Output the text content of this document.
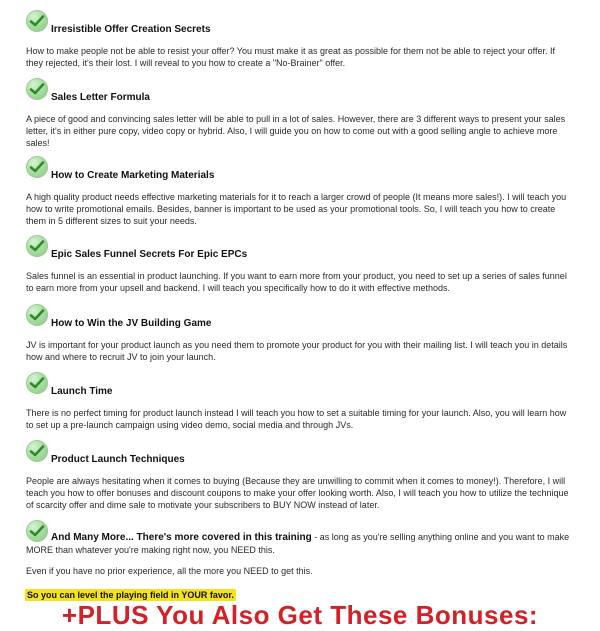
Irresistible Offer Creation Secrets

How to make people not be able to resist your offer? You must make it as great as possible for them not be able to reject your offer. If they rejected, it's their lost. I will reveal to you how to create a "No-Brainer" offer.

Sales Letter Formula

A piece of good and convincing sales letter will be able to pull in a lot of sales. However, there are 3 different ways to present your sales letter, it's in either pure copy, video copy or hybrid. Also, I will guide you on how to come out with a good selling angle to achieve more sales!

How to Create Marketing Materials

A high quality product needs effective marketing materials for it to reach a larger crowd of people (It means more sales!). I will teach you how to write promotional emails. Besides, banner is important to be used as your promotional tools. So, I will teach you how to create them in 5 different sizes to suit your needs.

Epic Sales Funnel Secrets For Epic EPCs

Sales funnel is an essential in product launching. If you want to earn more from your product, you need to set up a series of sales funnel to earn more from your upsell and backend. I will teach you specifically how to do it with effective methods.

How to Win the JV Building Game

JV is important for your product launch as you need them to promote your product for you with their mailing list. I will teach you in details how and where to recruit JV to join your launch.

Launch Time

There is no perfect timing for product launch instead I will teach you how to set a suitable timing for your launch. Also, you will learn how to set up a pre-launch campaign using video demo, social media and through JVs.

Product Launch Techniques

People are always hesitating when it comes to buying (Because they are unwilling to commit when it comes to money!). Therefore, I will teach you how to offer bonuses and discount coupons to make your offer looking worth. Also, I will teach you how to utilize the technique of scarcity offer and dime sale to motivate your subscribers to BUY NOW instead of later.

And Many More... There's more covered in this training - as long as you're selling anything online and you want to make MORE than whatever you're making right now, you NEED this.

Even if you have no prior experience, all the more you NEED to get this.

So you can level the playing field in YOUR favor.
+PLUS You Also Get These Bonuses:
